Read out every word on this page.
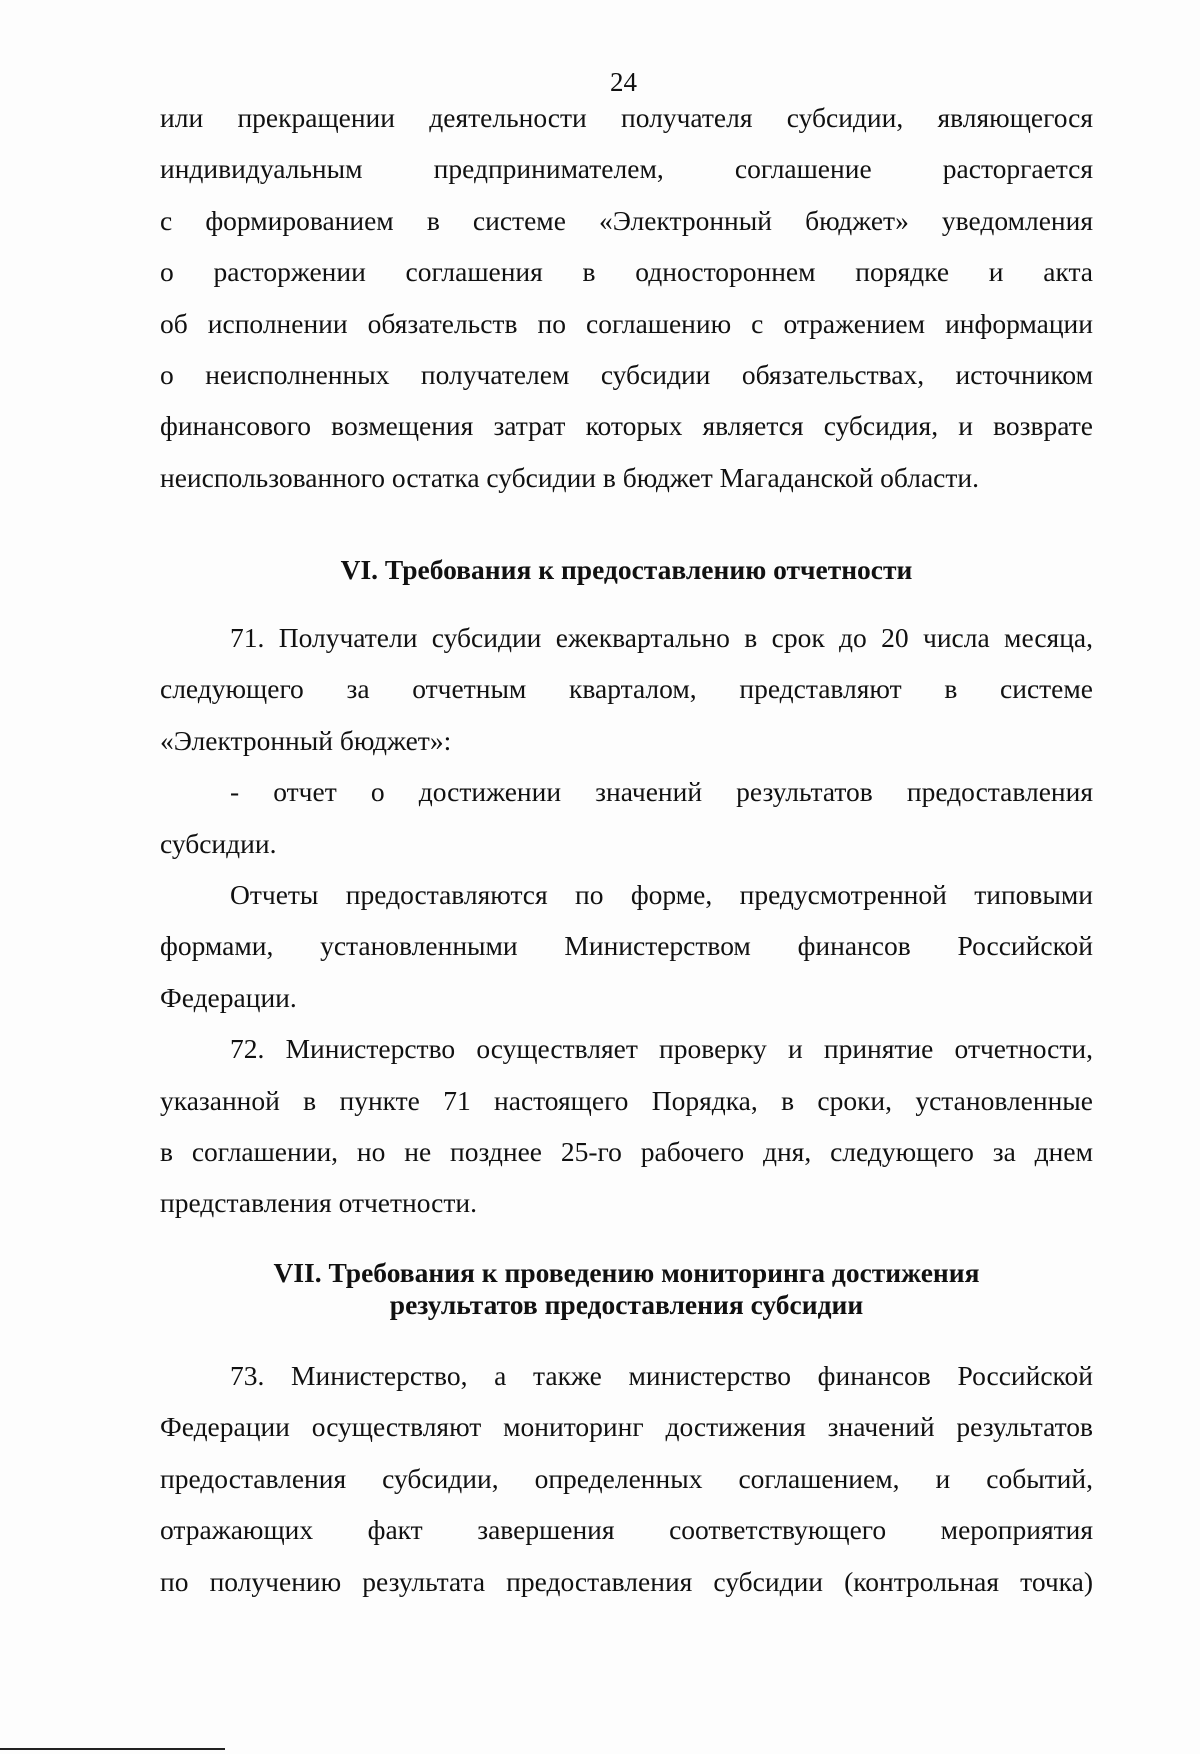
24
или прекращении деятельности получателя субсидии, являющегося
индивидуальным предпринимателем, соглашение расторгается
с формированием в системе «Электронный бюджет» уведомления
о расторжении соглашения в одностороннем порядке и акта
об исполнении обязательств по соглашению с отражением информации
о неисполненных получателем субсидии обязательствах, источником
финансового возмещения затрат которых является субсидия, и возврате
неиспользованного остатка субсидии в бюджет Магаданской области.
VI. Требования к предоставлению отчетности
71. Получатели субсидии ежеквартально в срок до 20 числа месяца,
следующего за отчетным кварталом, представляют в системе
«Электронный бюджет»:
- отчет о достижении значений результатов предоставления
субсидии.
Отчеты предоставляются по форме, предусмотренной типовыми
формами, установленными Министерством финансов Российской
Федерации.
72. Министерство осуществляет проверку и принятие отчетности,
указанной в пункте 71 настоящего Порядка, в сроки, установленные
в соглашении, но не позднее 25-го рабочего дня, следующего за днем
представления отчетности.
VII. Требования к проведению мониторинга достижения
результатов предоставления субсидии
73. Министерство, а также министерство финансов Российской
Федерации осуществляют мониторинг достижения значений результатов
предоставления субсидии, определенных соглашением, и событий,
отражающих факт завершения соответствующего мероприятия
по получению результата предоставления субсидии (контрольная точка)
